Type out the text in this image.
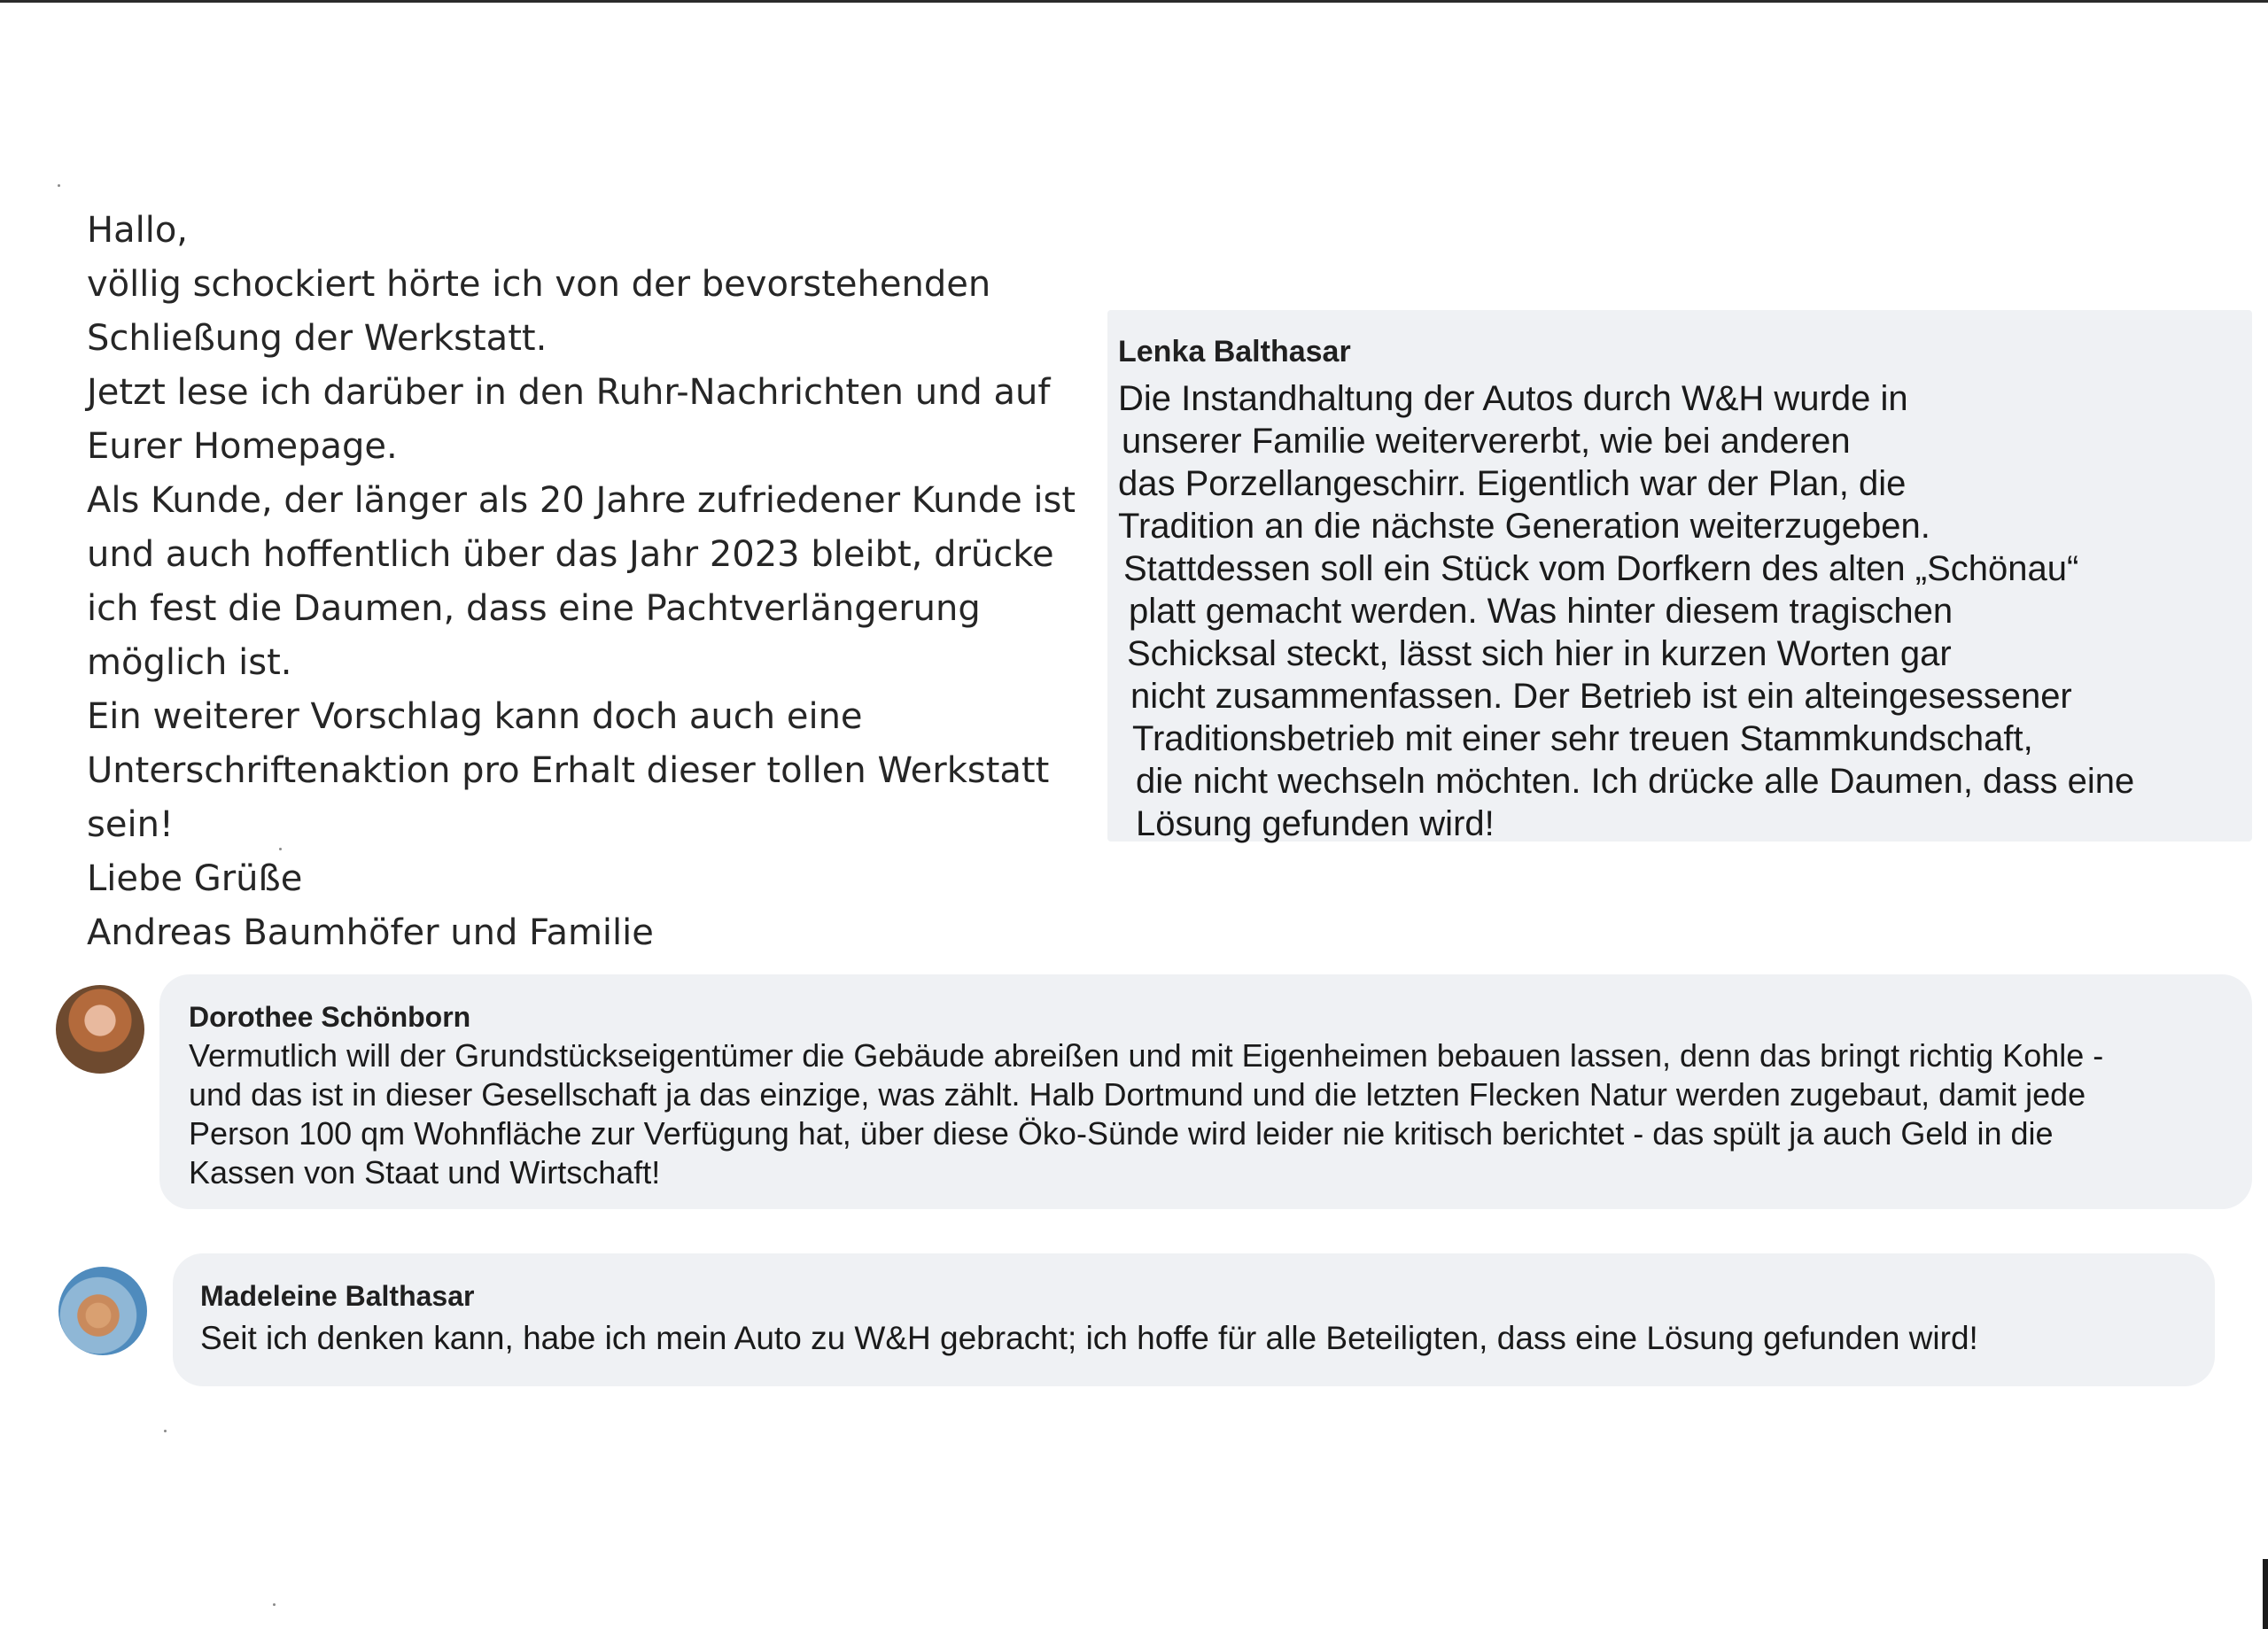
Hallo,
völlig schockiert hörte ich von der bevorstehenden
Schließung der Werkstatt.
Jetzt lese ich darüber in den Ruhr-Nachrichten und auf
Eurer Homepage.
Als Kunde, der länger als 20 Jahre zufriedener Kunde ist
und auch hoffentlich über das Jahr 2023 bleibt, drücke
ich fest die Daumen, dass eine Pachtverlängerung
möglich ist.
Ein weiterer Vorschlag kann doch auch eine
Unterschriftenaktion pro Erhalt dieser tollen Werkstatt
sein!
Liebe Grüße
Andreas Baumhöfer und Familie
Lenka Balthasar
Die Instandhaltung der Autos durch W&H wurde in
unserer Familie weitervererbt, wie bei anderen
das Porzellangeschirr. Eigentlich war der Plan, die
Tradition an die nächste Generation weiterzugeben.
Stattdessen soll ein Stück vom Dorfkern des alten „Schönau“
platt gemacht werden. Was hinter diesem tragischen
Schicksal steckt, lässt sich hier in kurzen Worten gar
nicht zusammenfassen. Der Betrieb ist ein alteingesessener
Traditionsbetrieb mit einer sehr treuen Stammkundschaft,
die nicht wechseln möchten. Ich drücke alle Daumen, dass eine
Lösung gefunden wird!
Dorothee Schönborn
Vermutlich will der Grundstückseigentümer die Gebäude abreißen und mit Eigenheimen bebauen lassen, denn das bringt richtig Kohle -
und das ist in dieser Gesellschaft ja das einzige, was zählt. Halb Dortmund und die letzten Flecken Natur werden zugebaut, damit jede
Person 100 qm Wohnfläche zur Verfügung hat, über diese Öko-Sünde wird leider nie kritisch berichtet - das spült ja auch Geld in die
Kassen von Staat und Wirtschaft!
Madeleine Balthasar
Seit ich denken kann, habe ich mein Auto zu W&H gebracht; ich hoffe für alle Beteiligten, dass eine Lösung gefunden wird!
